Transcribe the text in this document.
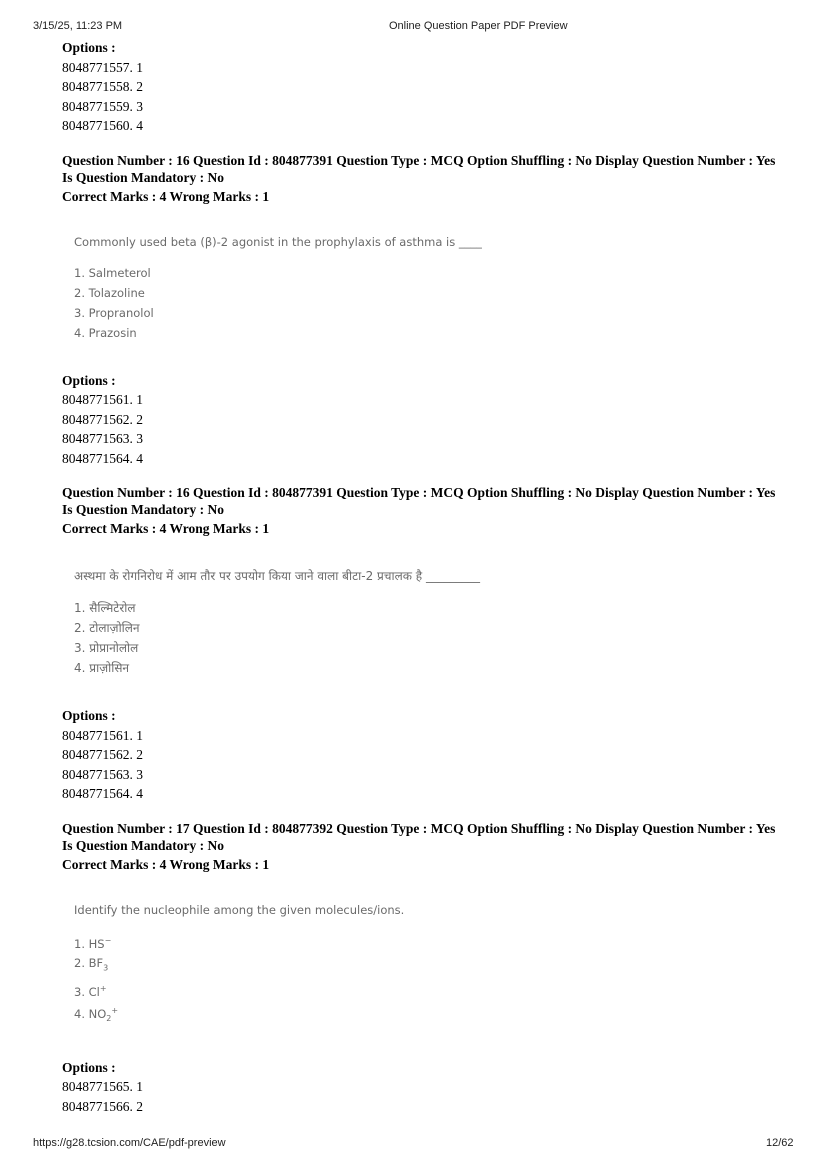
3/15/25, 11:23 PM	Online Question Paper PDF Preview
Options :
8048771557. 1
8048771558. 2
8048771559. 3
8048771560. 4
Question Number : 16 Question Id : 804877391 Question Type : MCQ Option Shuffling : No Display Question Number : Yes
Is Question Mandatory : No
Correct Marks : 4 Wrong Marks : 1
Commonly used beta (β)-2 agonist in the prophylaxis of asthma is ____
1. Salmeterol
2. Tolazoline
3. Propranolol
4. Prazosin
Options :
8048771561. 1
8048771562. 2
8048771563. 3
8048771564. 4
Question Number : 16 Question Id : 804877391 Question Type : MCQ Option Shuffling : No Display Question Number : Yes
Is Question Mandatory : No
Correct Marks : 4 Wrong Marks : 1
अस्थमा के रोगनिरोध में आम तौर पर उपयोग किया जाने वाला बीटा-2 प्रचालक है _________
1. सैल्मिटेरोल
2. टोलाज़ोलिन
3. प्रोप्रानोलोल
4. प्राज़ोसिन
Options :
8048771561. 1
8048771562. 2
8048771563. 3
8048771564. 4
Question Number : 17 Question Id : 804877392 Question Type : MCQ Option Shuffling : No Display Question Number : Yes
Is Question Mandatory : No
Correct Marks : 4 Wrong Marks : 1
Identify the nucleophile among the given molecules/ions.
1. HS−
2. $BF_3$
3. Cl+
4. $NO_2^+$
Options :
8048771565. 1
8048771566. 2
https://g28.tcsion.com/CAE/pdf-preview	12/62
